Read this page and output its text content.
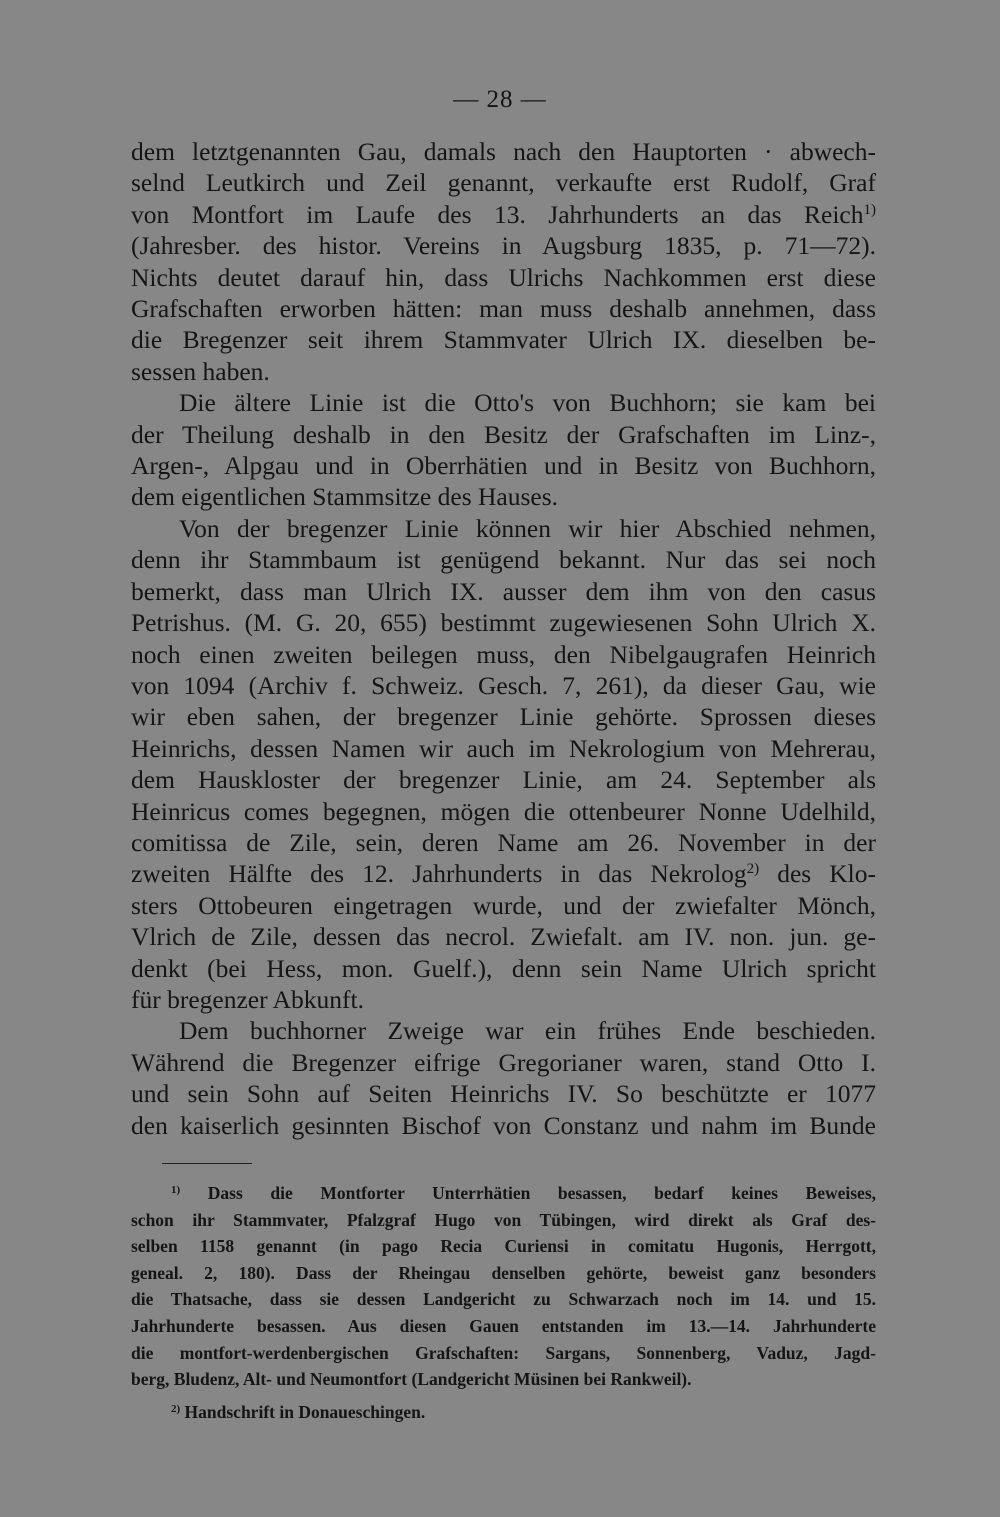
— 28 —
dem letztgenannten Gau, damals nach den Hauptorten · abwech-
selnd Leutkirch und Zeil genannt, verkaufte erst Rudolf, Graf
von Montfort im Laufe des 13. Jahrhunderts an das Reich$^{1)}$
(Jahresber. des histor. Vereins in Augsburg 1835, p. 71—72).
Nichts deutet darauf hin, dass Ulrichs Nachkommen erst diese
Grafschaften erworben hätten: man muss deshalb annehmen, dass
die Bregenzer seit ihrem Stammvater Ulrich IX. dieselben be-
sessen haben.
Die ältere Linie ist die Otto's von Buchhorn; sie kam bei
der Theilung deshalb in den Besitz der Grafschaften im Linz-,
Argen-, Alpgau und in Oberrhätien und in Besitz von Buchhorn,
dem eigentlichen Stammsitze des Hauses.
Von der bregenzer Linie können wir hier Abschied nehmen,
denn ihr Stammbaum ist genügend bekannt. Nur das sei noch
bemerkt, dass man Ulrich IX. ausser dem ihm von den casus
Petrishus. (M. G. 20, 655) bestimmt zugewiesenen Sohn Ulrich X.
noch einen zweiten beilegen muss, den Nibelgaugrafen Heinrich
von 1094 (Archiv f. Schweiz. Gesch. 7, 261), da dieser Gau, wie
wir eben sahen, der bregenzer Linie gehörte. Sprossen dieses
Heinrichs, dessen Namen wir auch im Nekrologium von Mehrerau,
dem Hauskloster der bregenzer Linie, am 24. September als
Heinricus comes begegnen, mögen die ottenbeurer Nonne Udelhild,
comitissa de Zile, sein, deren Name am 26. November in der
zweiten Hälfte des 12. Jahrhunderts in das Nekrolog$^{2)}$ des Klo-
sters Ottobeuren eingetragen wurde, und der zwiefalter Mönch,
Vlrich de Zile, dessen das necrol. Zwiefalt. am IV. non. jun. ge-
denkt (bei Hess, mon. Guelf.), denn sein Name Ulrich spricht
für bregenzer Abkunft.
Dem buchhorner Zweige war ein frühes Ende beschieden.
Während die Bregenzer eifrige Gregorianer waren, stand Otto I.
und sein Sohn auf Seiten Heinrichs IV. So beschützte er 1077
den kaiserlich gesinnten Bischof von Constanz und nahm im Bunde
$^{1)}$ Dass die Montforter Unterrhätien besassen, bedarf keines Beweises,
schon ihr Stammvater, Pfalzgraf Hugo von Tübingen, wird direkt als Graf des-
selben 1158 genannt (in pago Recia Curiensi in comitatu Hugonis, Herrgott,
geneal. 2, 180). Dass der Rheingau denselben gehörte, beweist ganz besonders
die Thatsache, dass sie dessen Landgericht zu Schwarzach noch im 14. und 15.
Jahrhunderte besassen. Aus diesen Gauen entstanden im 13.—14. Jahrhunderte
die montfort-werdenbergischen Grafschaften: Sargans, Sonnenberg, Vaduz, Jagd-
berg, Bludenz, Alt- und Neumontfort (Landgericht Müsinen bei Rankweil).
$^{2)}$ Handschrift in Donaueschingen.
